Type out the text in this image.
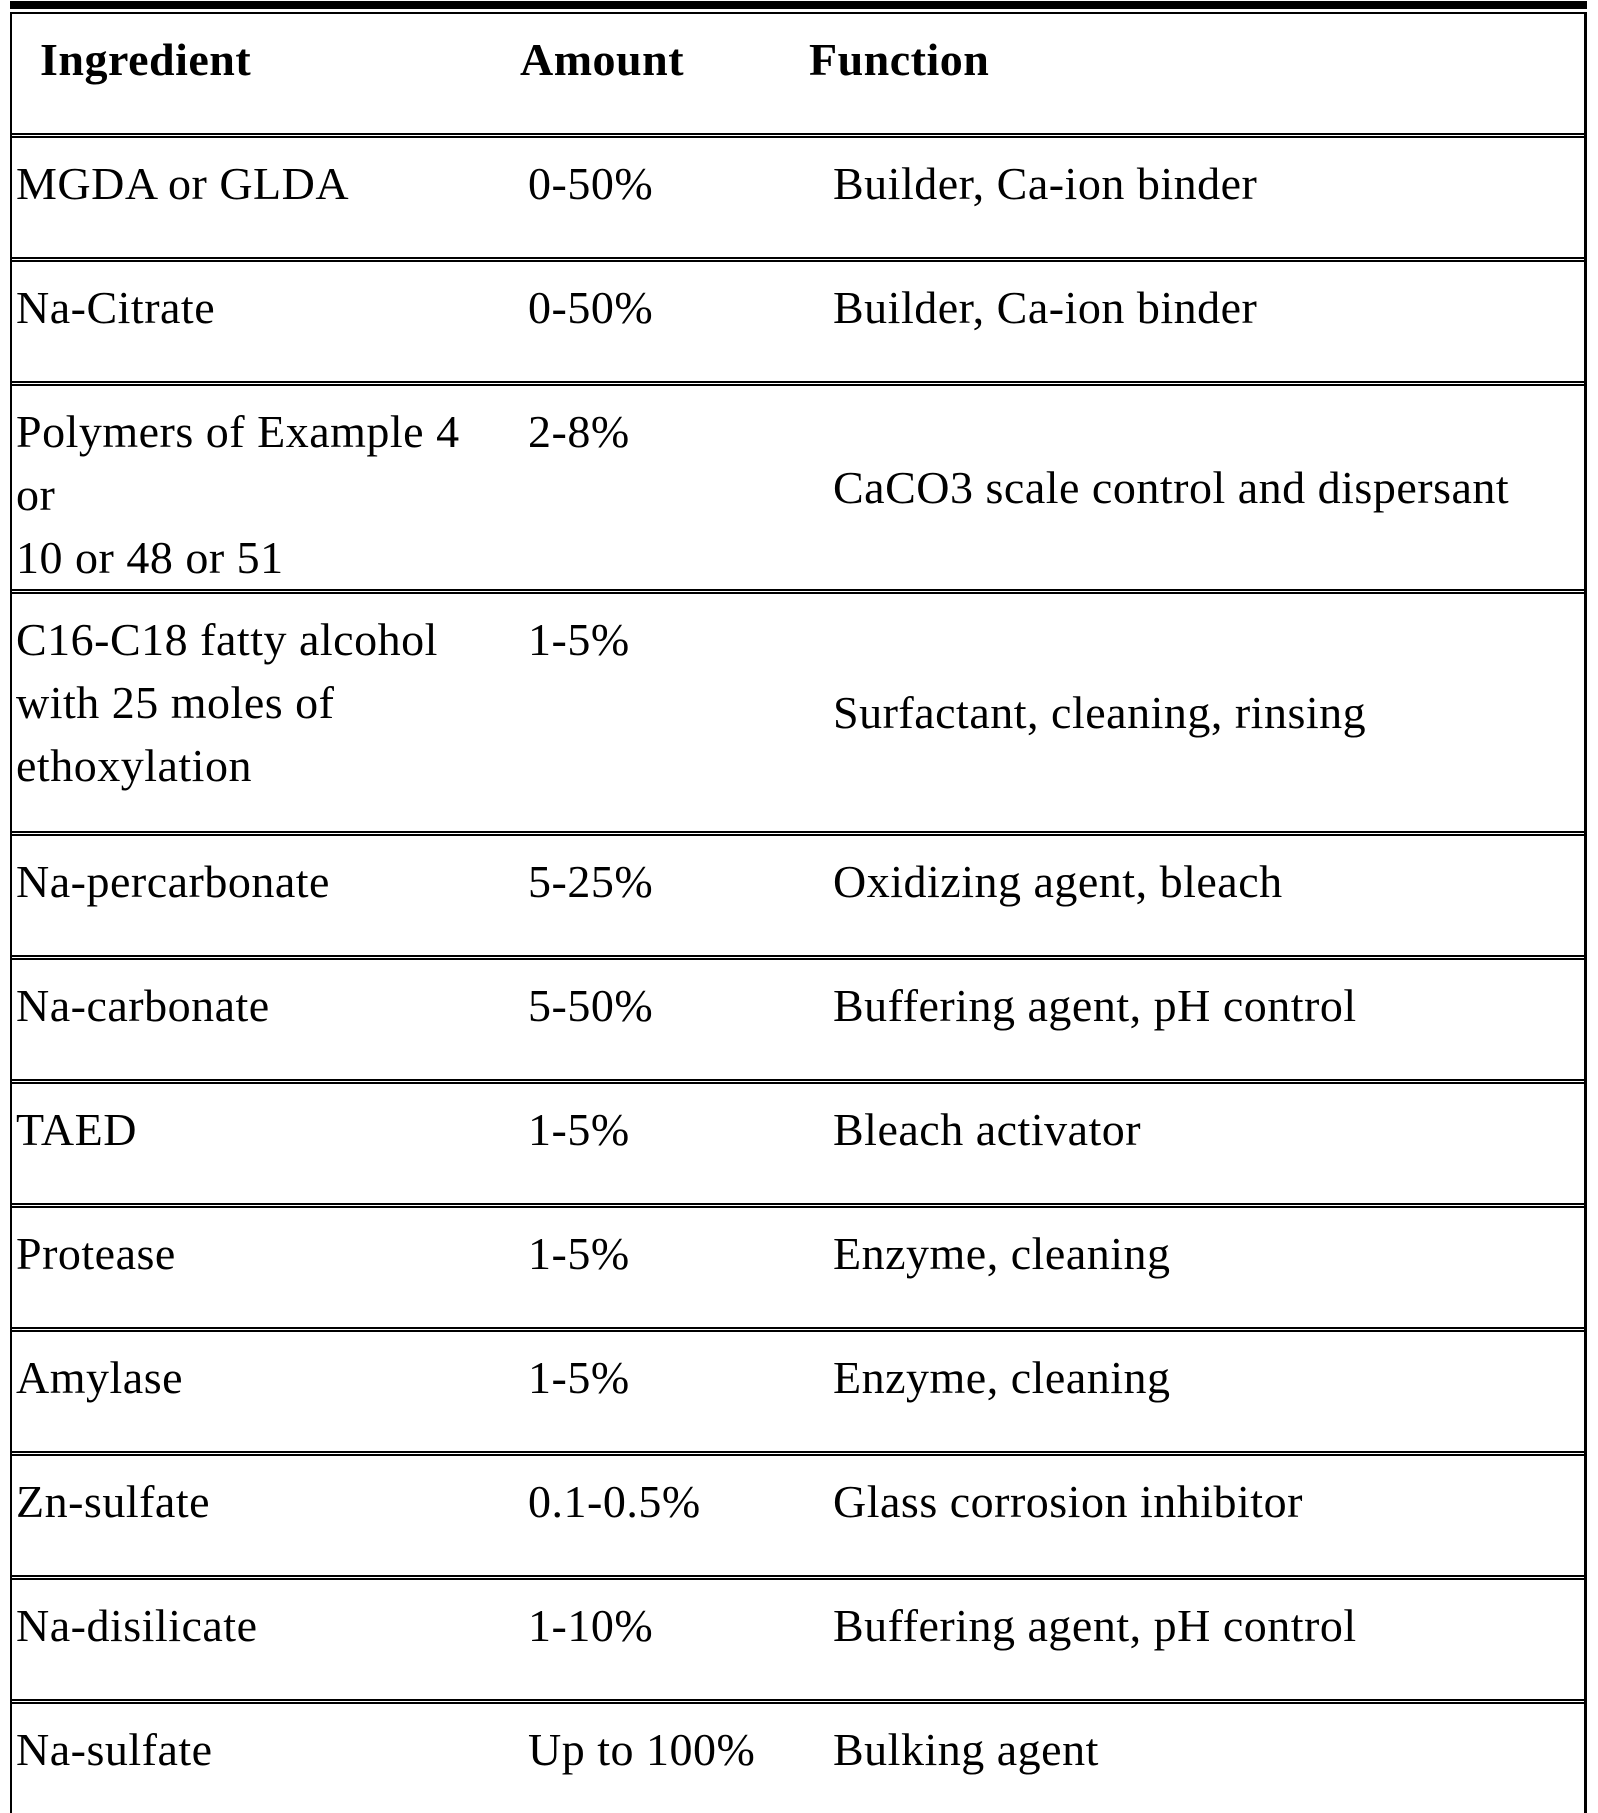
Ingredient	Amount	Function
MGDA or GLDA	0-50%	Builder, Ca-ion binder
Na-Citrate	0-50%	Builder, Ca-ion binder
Polymers of Example 4 or
10 or 48 or 51	2-8%	CaCO3 scale control and dispersant
C16-C18 fatty alcohol
with 25 moles of
ethoxylation	1-5%	Surfactant, cleaning, rinsing
Na-percarbonate	5-25%	Oxidizing agent, bleach
Na-carbonate	5-50%	Buffering agent, pH control
TAED	1-5%	Bleach activator
Protease	1-5%	Enzyme, cleaning
Amylase	1-5%	Enzyme, cleaning
Zn-sulfate	0.1-0.5%	Glass corrosion inhibitor
Na-disilicate	1-10%	Buffering agent, pH control
Na-sulfate	Up to 100%	Bulking agent
